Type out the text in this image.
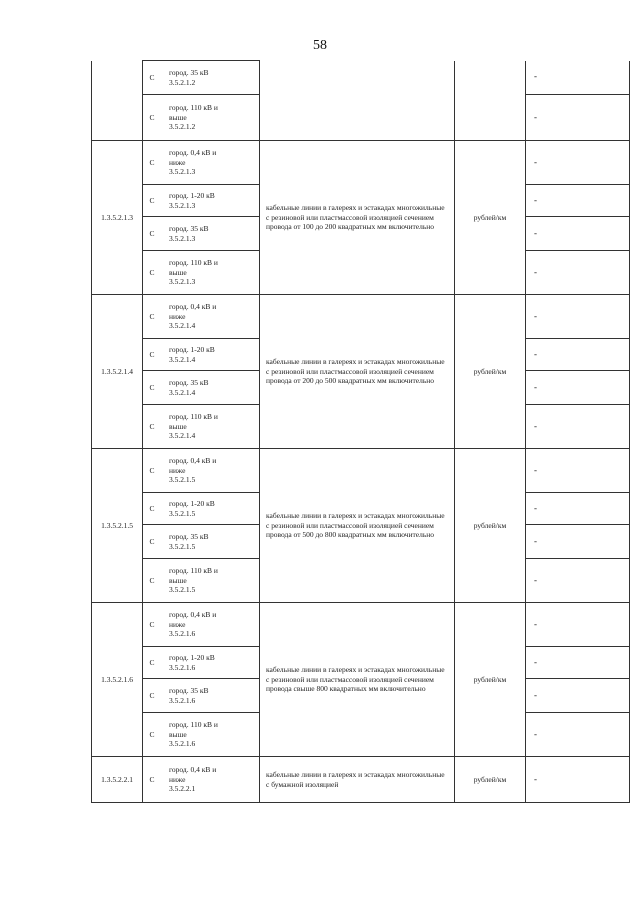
58
	С	город. 35 кВ
3.5.2.1.2			-
	С	город. 110 кВ и
выше
3.5.2.1.2			-
1.3.5.2.1.3	С	город. 0,4 кВ и
ниже
3.5.2.1.3	кабельные линии в галереях и эстакадах многожильные с резиновой или пластмассовой изоляцией сечением провода от 100 до 200 квадратных мм включительно	рублей/км	-
	С	город. 1-20 кВ
3.5.2.1.3			-
	С	город. 35 кВ
3.5.2.1.3			-
	С	город. 110 кВ и
выше
3.5.2.1.3			-
1.3.5.2.1.4	С	город. 0,4 кВ и
ниже
3.5.2.1.4	кабельные линии в галереях и эстакадах многожильные с резиновой или пластмассовой изоляцией сечением провода от 200 до 500 квадратных мм включительно	рублей/км	-
	С	город. 1-20 кВ
3.5.2.1.4			-
	С	город. 35 кВ
3.5.2.1.4			-
	С	город. 110 кВ и
выше
3.5.2.1.4			-
1.3.5.2.1.5	С	город. 0,4 кВ и
ниже
3.5.2.1.5	кабельные линии в галереях и эстакадах многожильные с резиновой или пластмассовой изоляцией сечением провода от 500 до 800 квадратных мм включительно	рублей/км	-
	С	город. 1-20 кВ
3.5.2.1.5			-
	С	город. 35 кВ
3.5.2.1.5			-
	С	город. 110 кВ и
выше
3.5.2.1.5			-
1.3.5.2.1.6	С	город. 0,4 кВ и
ниже
3.5.2.1.6	кабельные линии в галереях и эстакадах многожильные с резиновой или пластмассовой изоляцией сечением провода свыше 800 квадратных мм включительно	рублей/км	-
	С	город. 1-20 кВ
3.5.2.1.6			-
	С	город. 35 кВ
3.5.2.1.6			-
	С	город. 110 кВ и
выше
3.5.2.1.6			-
1.3.5.2.2.1	С	город. 0,4 кВ и
ниже
3.5.2.2.1	кабельные линии в галереях и эстакадах многожильные с бумажной изоляцией	рублей/км	-
